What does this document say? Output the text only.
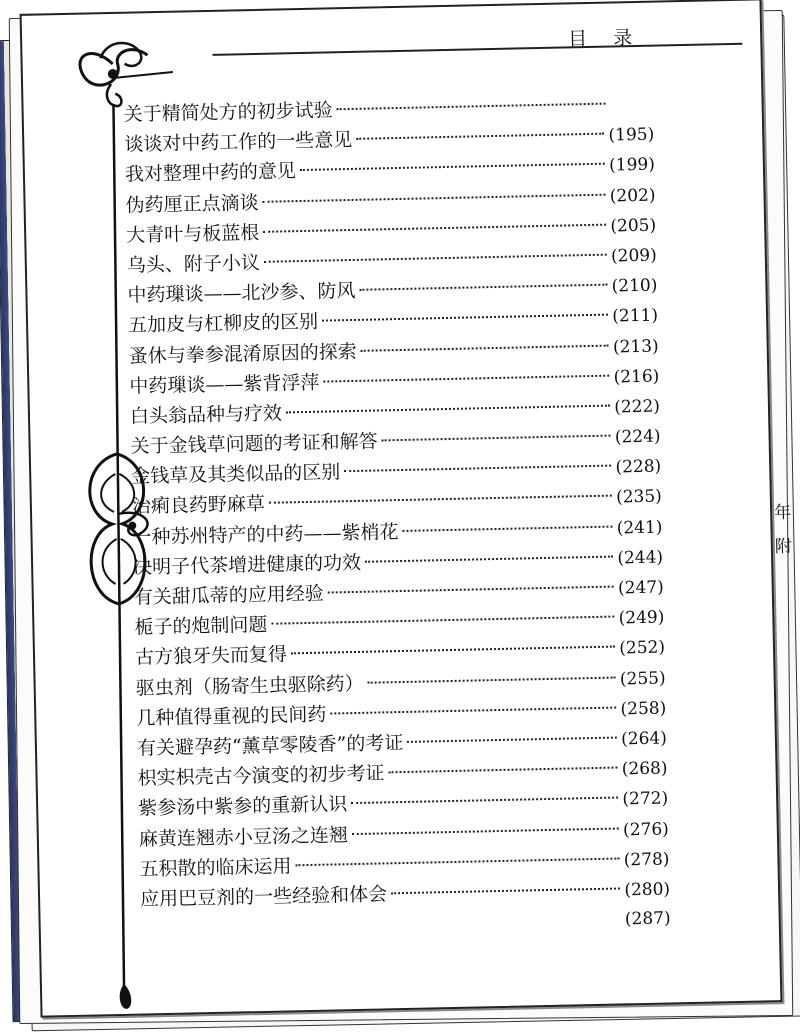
目 录
年
附
关于精简处方的初步试验
谈谈对中药工作的一些意见	(195)
我对整理中药的意见	(199)
伪药厘正点滴谈	(202)
大青叶与板蓝根	(205)
乌头、附子小议	(209)
中药璅谈——北沙参、防风	(210)
五加皮与杠柳皮的区别	(211)
蚤休与拳参混淆原因的探索	(213)
中药璅谈——紫背浮萍	(216)
白头翁品种与疗效	(222)
关于金钱草问题的考证和解答	(224)
金钱草及其类似品的区别	(228)
治痢良药野麻草	(235)
一种苏州特产的中药——紫梢花	(241)
决明子代茶增进健康的功效	(244)
有关甜瓜蒂的应用经验	(247)
栀子的炮制问题	(249)
古方狼牙失而复得	(252)
驱虫剂（肠寄生虫驱除药）	(255)
几种值得重视的民间药	(258)
有关避孕药“薰草零陵香”的考证	(264)
枳实枳壳古今演变的初步考证	(268)
紫参汤中紫参的重新认识	(272)
麻黄连翘赤小豆汤之连翘	(276)
五积散的临床运用	(278)
应用巴豆剂的一些经验和体会	(280)
(287)
